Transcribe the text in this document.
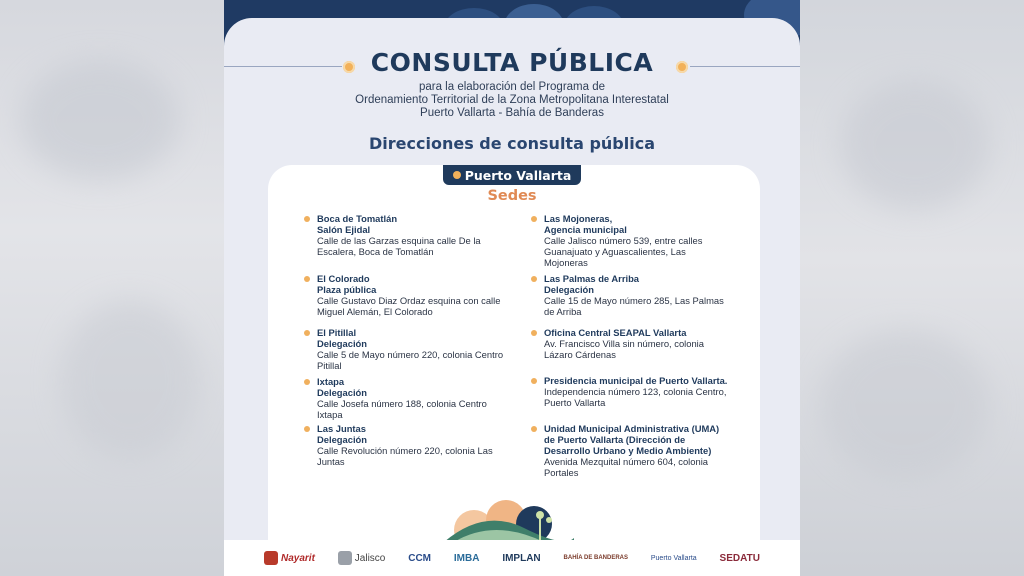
CONSULTA PÚBLICA
para la elaboración del Programa de
Ordenamiento Territorial de la Zona Metropolitana Interestatal
Puerto Vallarta - Bahía de Banderas
Direcciones de consulta pública
Puerto Vallarta
Sedes
Boca de Tomatlán
Salón Ejidal
Calle de las Garzas esquina calle De la Escalera, Boca de Tomatlán
El Colorado
Plaza pública
Calle Gustavo Diaz Ordaz esquina con calle Miguel Alemán, El Colorado
El Pitillal
Delegación
Calle 5 de Mayo número 220, colonia Centro Pitillal
Ixtapa
Delegación
Calle Josefa número 188, colonia Centro Ixtapa
Las Juntas
Delegación
Calle Revolución número 220, colonia Las Juntas
Las Mojoneras,
Agencia municipal
Calle Jalisco número 539, entre calles Guanajuato y Aguascalientes, Las Mojoneras
Las Palmas de Arriba
Delegación
Calle 15 de Mayo número 285, Las Palmas de Arriba
Oficina Central SEAPAL Vallarta
Av. Francisco Villa sin número, colonia Lázaro Cárdenas
Presidencia municipal de Puerto Vallarta.
Independencia número 123, colonia Centro, Puerto Vallarta
Unidad Municipal Administrativa (UMA) de Puerto Vallarta (Dirección de Desarrollo Urbano y Medio Ambiente)
Avenida Mezquital número 604, colonia Portales
Nayarit	Jalisco CCM IMBA IMPLAN	BAHÍA DE BANDERAS	Puerto Vallarta SEDATU
